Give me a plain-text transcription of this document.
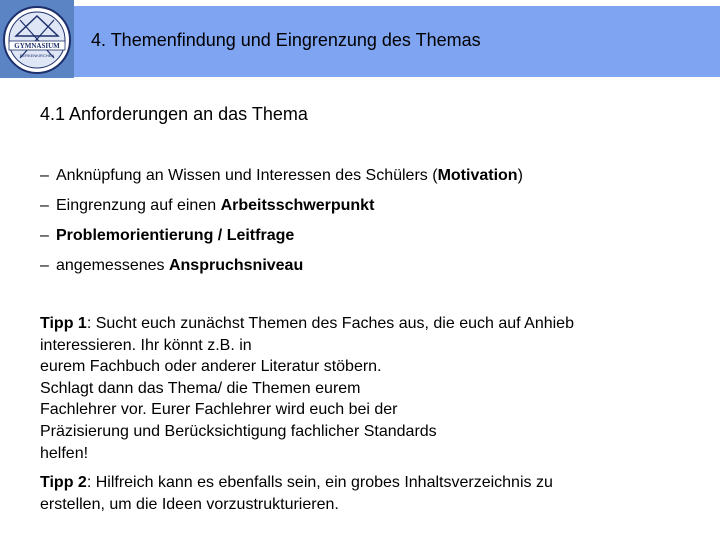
GYMNASIUM
BERKENKIRCHEN
4. Themenfindung und Eingrenzung des Themas
4.1 Anforderungen an das Thema
– Anknüpfung an Wissen und Interessen des Schülers (Motivation)
– Eingrenzung auf einen Arbeitsschwerpunkt
– Problemorientierung / Leitfrage
– angemessenes Anspruchsniveau
Tipp 1: Sucht euch zunächst Themen des Faches aus, die euch auf Anhieb
interessieren. Ihr könnt z.B. in
eurem Fachbuch oder anderer Literatur stöbern.
Schlagt dann das Thema/ die Themen eurem
Fachlehrer vor. Eurer Fachlehrer wird euch bei der
Präzisierung und Berücksichtigung fachlicher Standards
helfen!
Tipp 2: Hilfreich kann es ebenfalls sein, ein grobes Inhaltsverzeichnis zu
erstellen, um die Ideen vorzustrukturieren.
